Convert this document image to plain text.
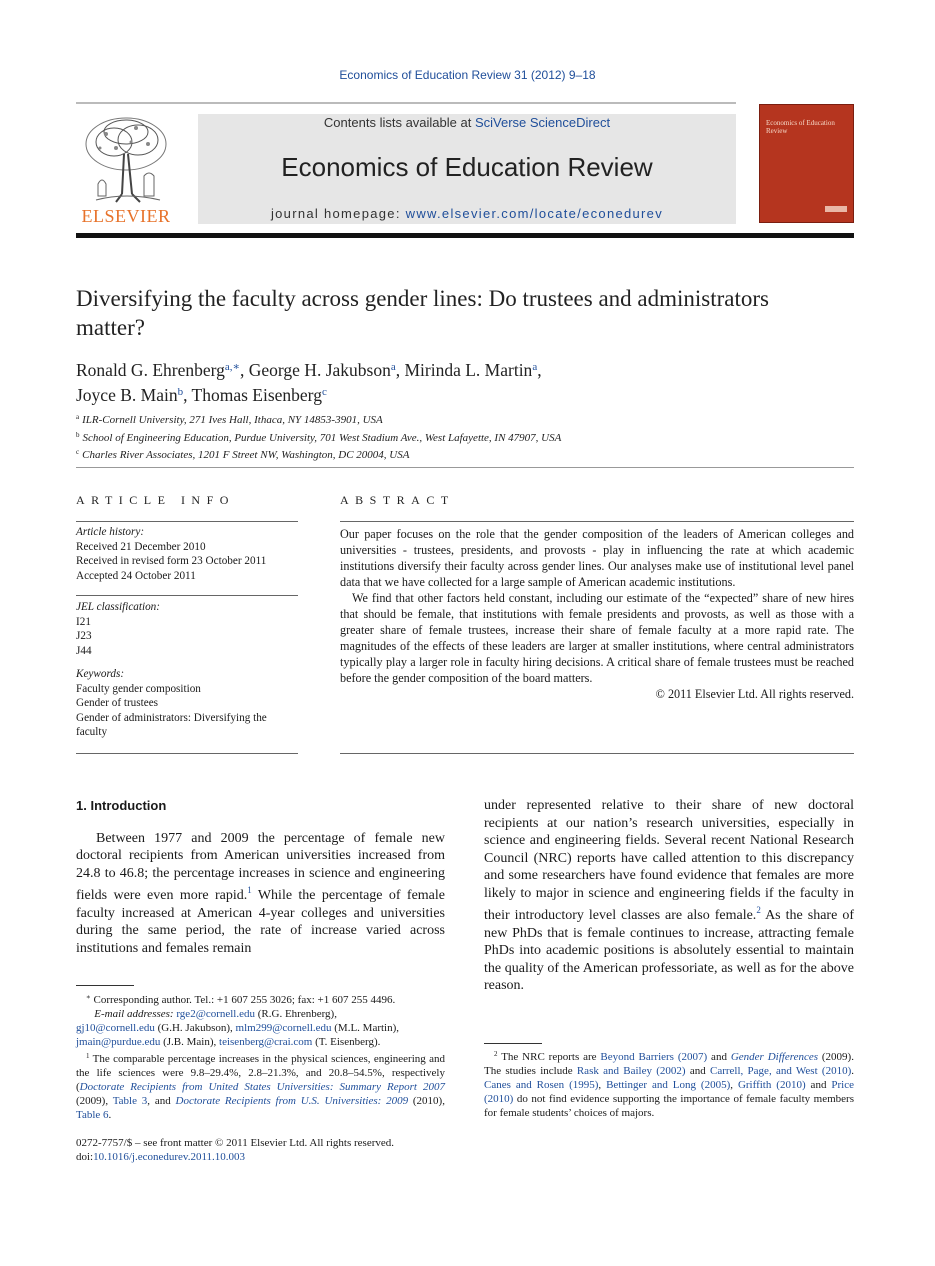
Economics of Education Review 31 (2012) 9–18
ELSEVIER
Contents lists available at SciVerse ScienceDirect
Economics of Education Review
journal homepage: www.elsevier.com/locate/econedurev
Economics of Education Review
Diversifying the faculty across gender lines: Do trustees and administrators matter?
Ronald G. Ehrenberg$^{a,∗}$, George H. Jakubson$^a$, Mirinda L. Martin$^a$,
Joyce B. Main$^b$, Thomas Eisenberg$^c$
$^a$ ILR-Cornell University, 271 Ives Hall, Ithaca, NY 14853-3901, USA
$^b$ School of Engineering Education, Purdue University, 701 West Stadium Ave., West Lafayette, IN 47907, USA
$^c$ Charles River Associates, 1201 F Street NW, Washington, DC 20004, USA
ARTICLE INFO	ABSTRACT
Article history:
Received 21 December 2010
Received in revised form 23 October 2011
Accepted 24 October 2011
JEL classification:
I21
J23
J44
Keywords:
Faculty gender composition
Gender of trustees
Gender of administrators: Diversifying the faculty

Our paper focuses on the role that the gender composition of the leaders of American colleges and universities - trustees, presidents, and provosts - play in influencing the rate at which academic institutions diversify their faculty across gender lines. Our analyses make use of institutional level panel data that we have collected for a large sample of American academic institutions.

We find that other factors held constant, including our estimate of the “expected” share of new hires that should be female, that institutions with female presidents and provosts, as well as those with a greater share of female trustees, increase their share of female faculty at a more rapid rate. The magnitudes of the effects of these leaders are larger at smaller institutions, where central administrators typically play a larger role in faculty hiring decisions. A critical share of female trustees must be reached before the gender composition of the board matters.

© 2011 Elsevier Ltd. All rights reserved.

1. Introduction

Between 1977 and 2009 the percentage of female new doctoral recipients from American universities increased from 24.8 to 46.8; the percentage increases in science and engineering fields were even more rapid.$^1$ While the percentage of female faculty increased at American 4-year colleges and universities during the same period, the rate of increase varied across institutions and females remain

under represented relative to their share of new doctoral recipients at our nation’s research universities, especially in science and engineering fields. Several recent National Research Council (NRC) reports have called attention to this discrepancy and some researchers have found evidence that females are more likely to major in science and engineering fields if the faculty in their introductory level classes are also female.$^2$ As the share of new PhDs that is female continues to increase, attracting female PhDs into academic positions is absolutely essential to maintain the quality of the American professoriate, as well as for the above reason.

∗ Corresponding author. Tel.: +1 607 255 3026; fax: +1 607 255 4496.
E-mail addresses: rge2@cornell.edu (R.G. Ehrenberg),
gj10@cornell.edu (G.H. Jakubson), mlm299@cornell.edu (M.L. Martin),
jmain@purdue.edu (J.B. Main), teisenberg@crai.com (T. Eisenberg).
$^1$ The comparable percentage increases in the physical sciences, engineering and the life sciences were 9.8–29.4%, 2.8–21.3%, and 20.8–54.5%, respectively (Doctorate Recipients from United States Universities: Summary Report 2007 (2009), Table 3, and Doctorate Recipients from U.S. Universities: 2009 (2010), Table 6.
$^2$ The NRC reports are Beyond Barriers (2007) and Gender Differences (2009). The studies include Rask and Bailey (2002) and Carrell, Page, and West (2010). Canes and Rosen (1995), Bettinger and Long (2005), Griffith (2010) and Price (2010) do not find evidence supporting the importance of female faculty members for female students’ choices of majors.
0272-7757/$ – see front matter © 2011 Elsevier Ltd. All rights reserved.
doi:10.1016/j.econedurev.2011.10.003
